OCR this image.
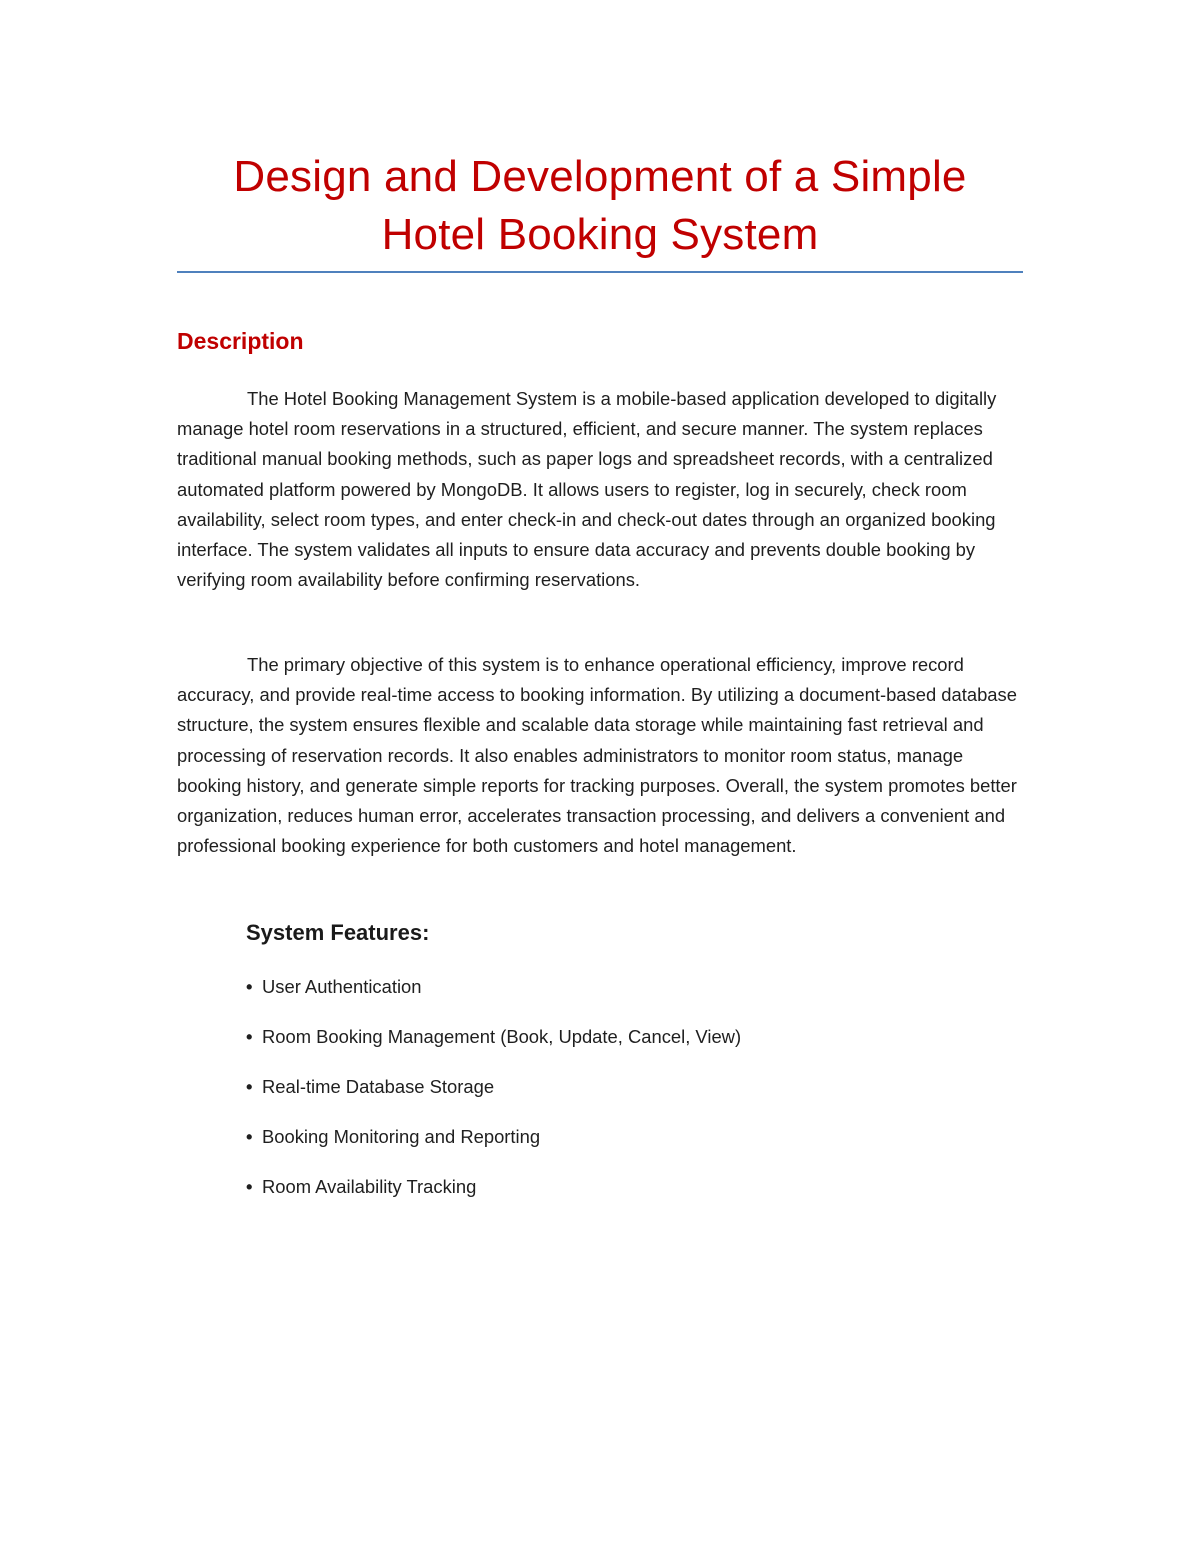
Design and Development of a Simple
Hotel Booking System
Description

The Hotel Booking Management System is a mobile-based application developed to digitally manage hotel room reservations in a structured, efficient, and secure manner. The system replaces traditional manual booking methods, such as paper logs and spreadsheet records, with a centralized automated platform powered by MongoDB. It allows users to register, log in securely, check room availability, select room types, and enter check-in and check-out dates through an organized booking interface. The system validates all inputs to ensure data accuracy and prevents double booking by verifying room availability before confirming reservations.

The primary objective of this system is to enhance operational efficiency, improve record accuracy, and provide real-time access to booking information. By utilizing a document-based database structure, the system ensures flexible and scalable data storage while maintaining fast retrieval and processing of reservation records. It also enables administrators to monitor room status, manage booking history, and generate simple reports for tracking purposes. Overall, the system promotes better organization, reduces human error, accelerates transaction processing, and delivers a convenient and professional booking experience for both customers and hotel management.

System Features:
• User Authentication
• Room Booking Management (Book, Update, Cancel, View)
• Real-time Database Storage
• Booking Monitoring and Reporting
• Room Availability Tracking
